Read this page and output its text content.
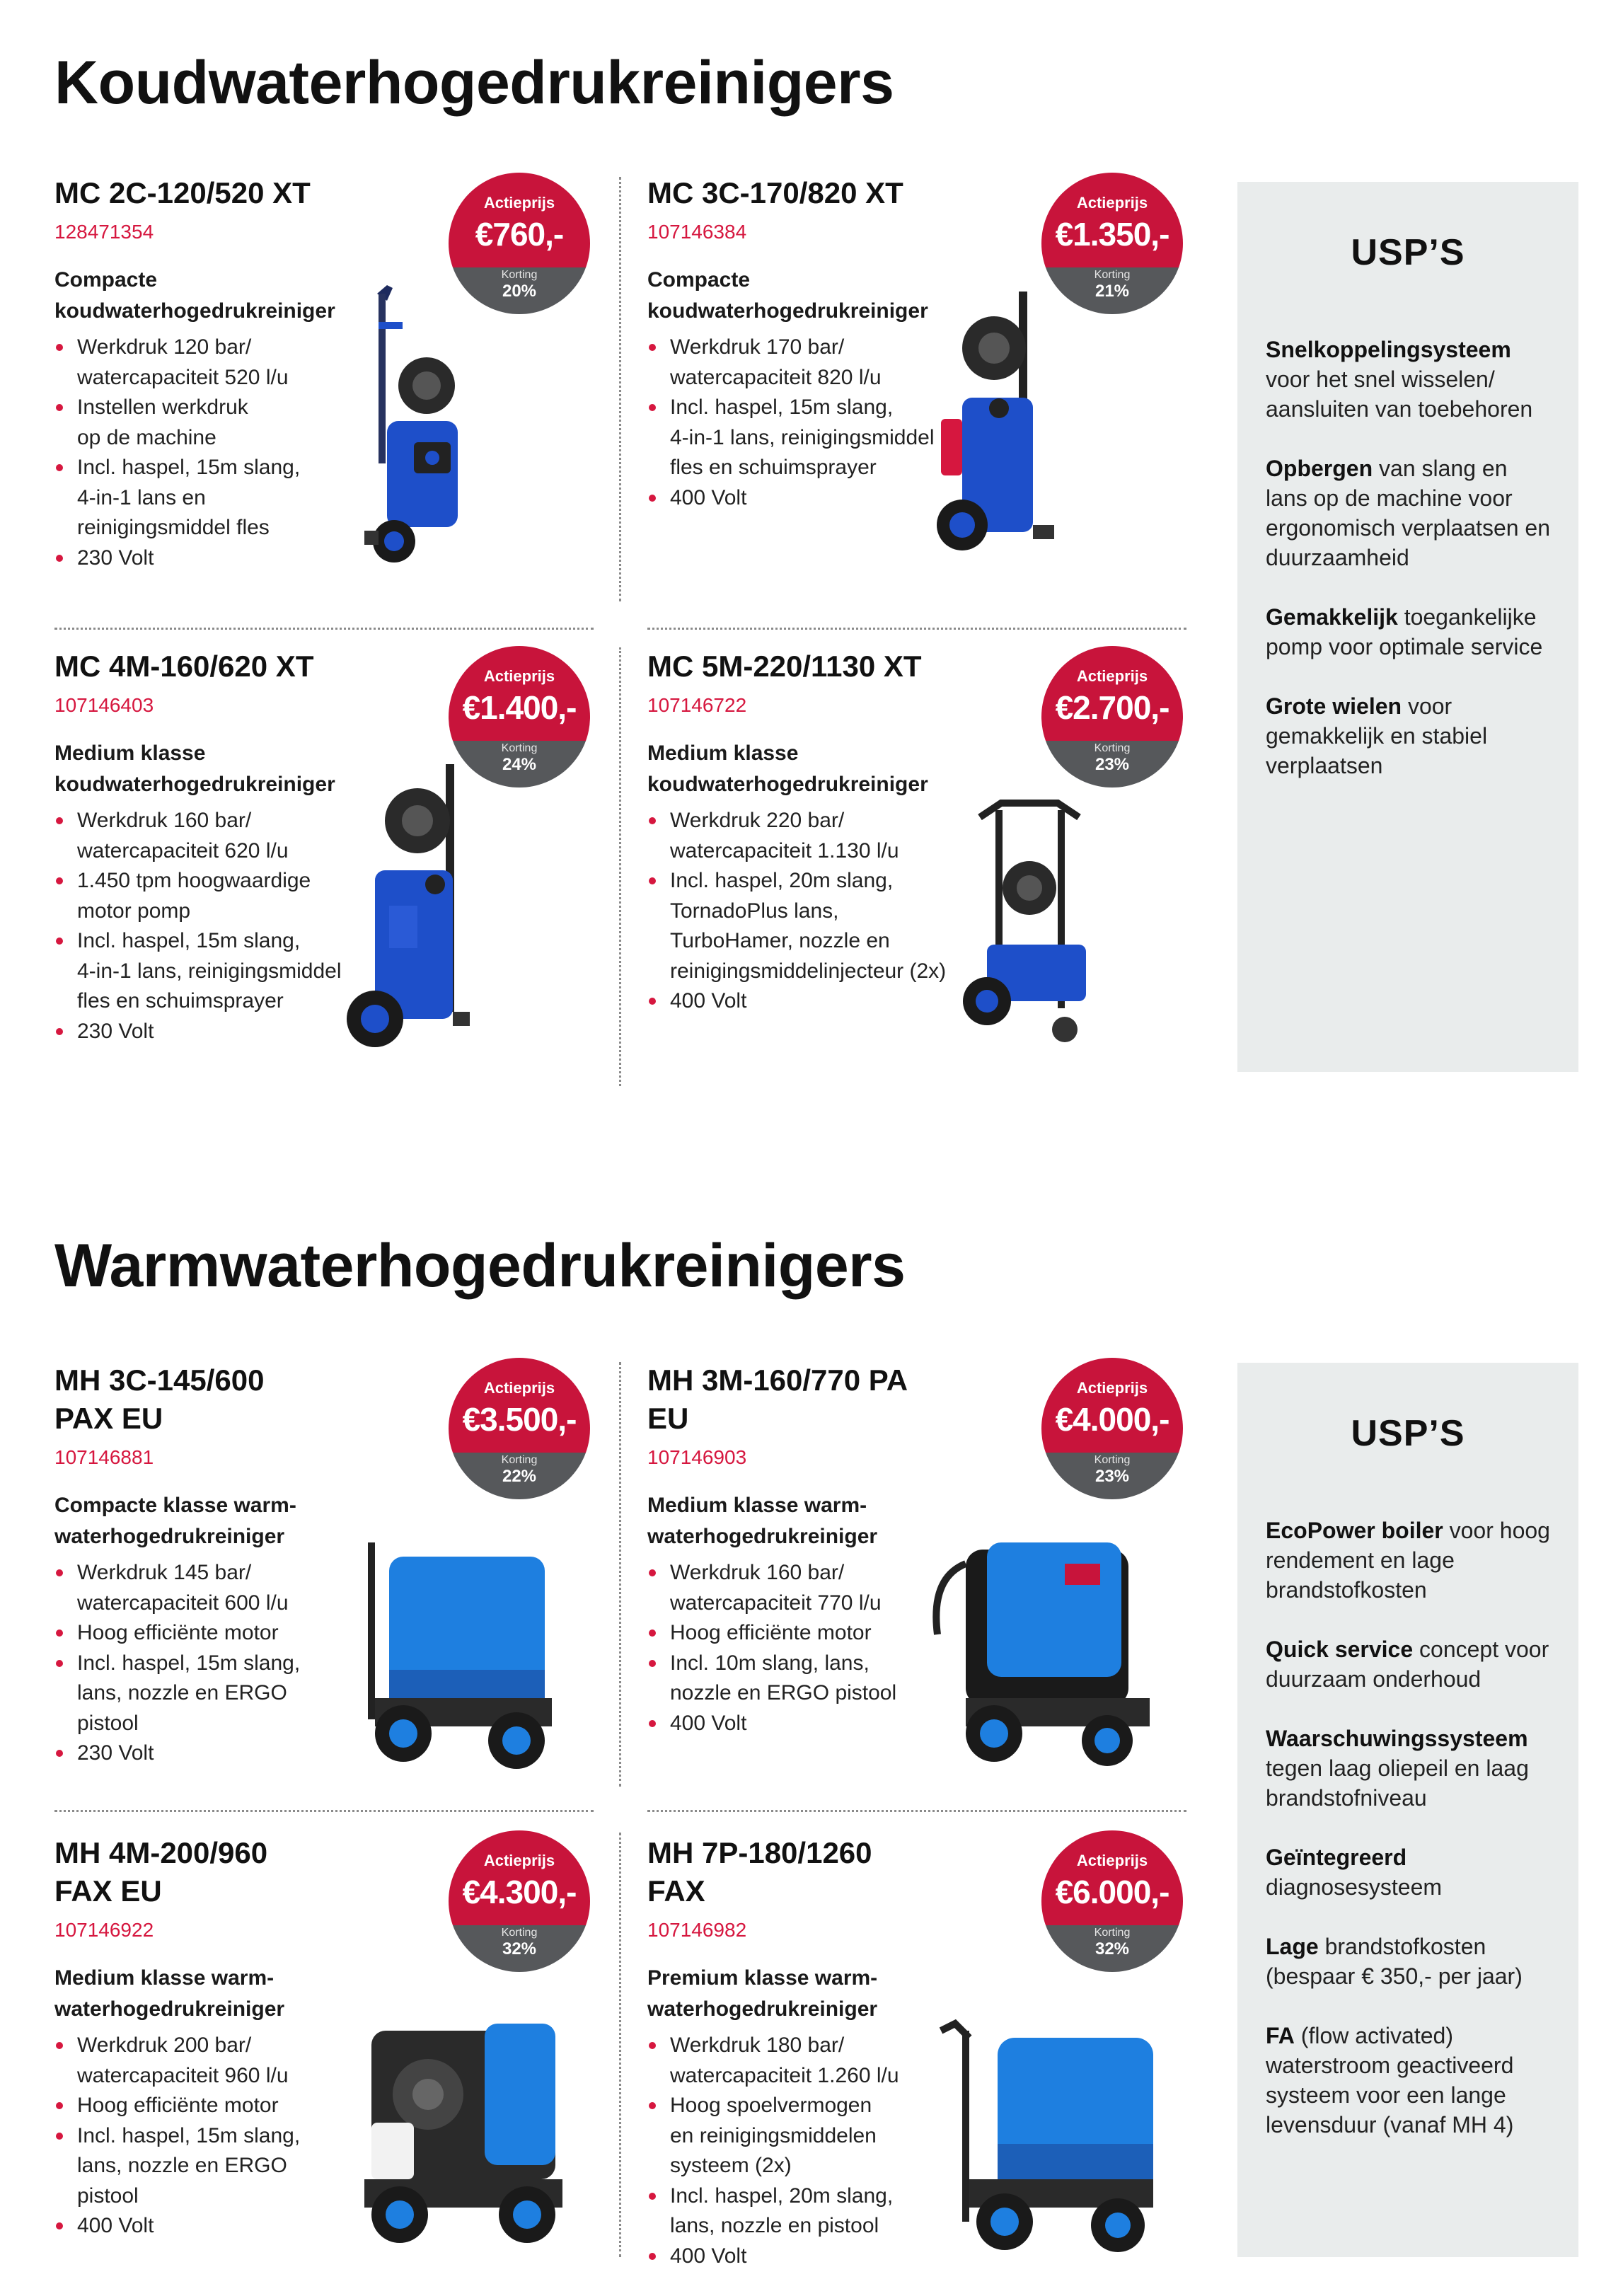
Koudwaterhogedrukreinigers
MC 2C-120/520 XT
128471354
Compacte koudwaterhogedrukreiniger
Werkdruk 120 bar/
watercapaciteit 520 l/u
Instellen werkdruk
op de machine
Incl. haspel, 15m slang,
4-in-1 lans en
reinigingsmiddel fles
230 Volt
Actieprijs
€760,-
Korting
20%
MC 3C-170/820 XT
107146384
Compacte koudwaterhogedrukreiniger
Werkdruk 170 bar/
watercapaciteit 820 l/u
Incl. haspel, 15m slang,
4-in-1 lans, reinigingsmiddel
fles en schuimsprayer
400 Volt
Actieprijs
€1.350,-
Korting
21%
MC 4M-160/620 XT
107146403
Medium klasse koudwaterhogedrukreiniger
Werkdruk 160 bar/
watercapaciteit 620 l/u
1.450 tpm hoogwaardige
motor pomp
Incl. haspel, 15m slang,
4-in-1 lans, reinigingsmiddel
fles en schuimsprayer
230 Volt
Actieprijs
€1.400,-
Korting
24%
MC 5M-220/1130 XT
107146722
Medium klasse koudwaterhogedrukreiniger
Werkdruk 220 bar/
watercapaciteit 1.130 l/u
Incl. haspel, 20m slang,
TornadoPlus lans,
TurboHamer, nozzle en
reinigingsmiddelinjecteur (2x)
400 Volt
Actieprijs
€2.700,-
Korting
23%
USP’S
Snelkoppelingsysteem voor het snel wisselen/ aansluiten van toebehoren
Opbergen van slang en lans op de machine voor ergonomisch verplaatsen en duurzaamheid
Gemakkelijk toegankelijke pomp voor optimale service
Grote wielen voor gemakkelijk en stabiel verplaatsen
Warmwaterhogedrukreinigers
MH 3C-145/600 PAX EU
107146881
Compacte klasse warm-waterhogedrukreiniger
Werkdruk 145 bar/
watercapaciteit 600 l/u
Hoog efficiënte motor
Incl. haspel, 15m slang,
lans, nozzle en ERGO
pistool
230 Volt
Actieprijs
€3.500,-
Korting
22%
MH 3M-160/770 PA EU
107146903
Medium klasse warm-waterhogedrukreiniger
Werkdruk 160 bar/
watercapaciteit 770 l/u
Hoog efficiënte motor
Incl. 10m slang, lans,
nozzle en ERGO pistool
400 Volt
Actieprijs
€4.000,-
Korting
23%
MH 4M-200/960 FAX EU
107146922
Medium klasse warm-waterhogedrukreiniger
Werkdruk 200 bar/
watercapaciteit 960 l/u
Hoog efficiënte motor
Incl. haspel, 15m slang,
lans, nozzle en ERGO
pistool
400 Volt
Actieprijs
€4.300,-
Korting
32%
MH 7P-180/1260 FAX
107146982
Premium klasse warm-waterhogedrukreiniger
Werkdruk 180 bar/
watercapaciteit 1.260 l/u
Hoog spoelvermogen
en reinigingsmiddelen
systeem (2x)
Incl. haspel, 20m slang,
lans, nozzle en pistool
400 Volt
Actieprijs
€6.000,-
Korting
32%
USP’S
EcoPower boiler voor hoog rendement en lage brandstofkosten
Quick service concept voor duurzaam onderhoud
Waarschuwingssysteem tegen laag oliepeil en laag brandstofniveau
Geïntegreerd diagnosesysteem
Lage brandstofkosten (bespaar € 350,- per jaar)
FA (flow activated) waterstroom geactiveerd systeem voor een lange levensduur (vanaf MH 4)
